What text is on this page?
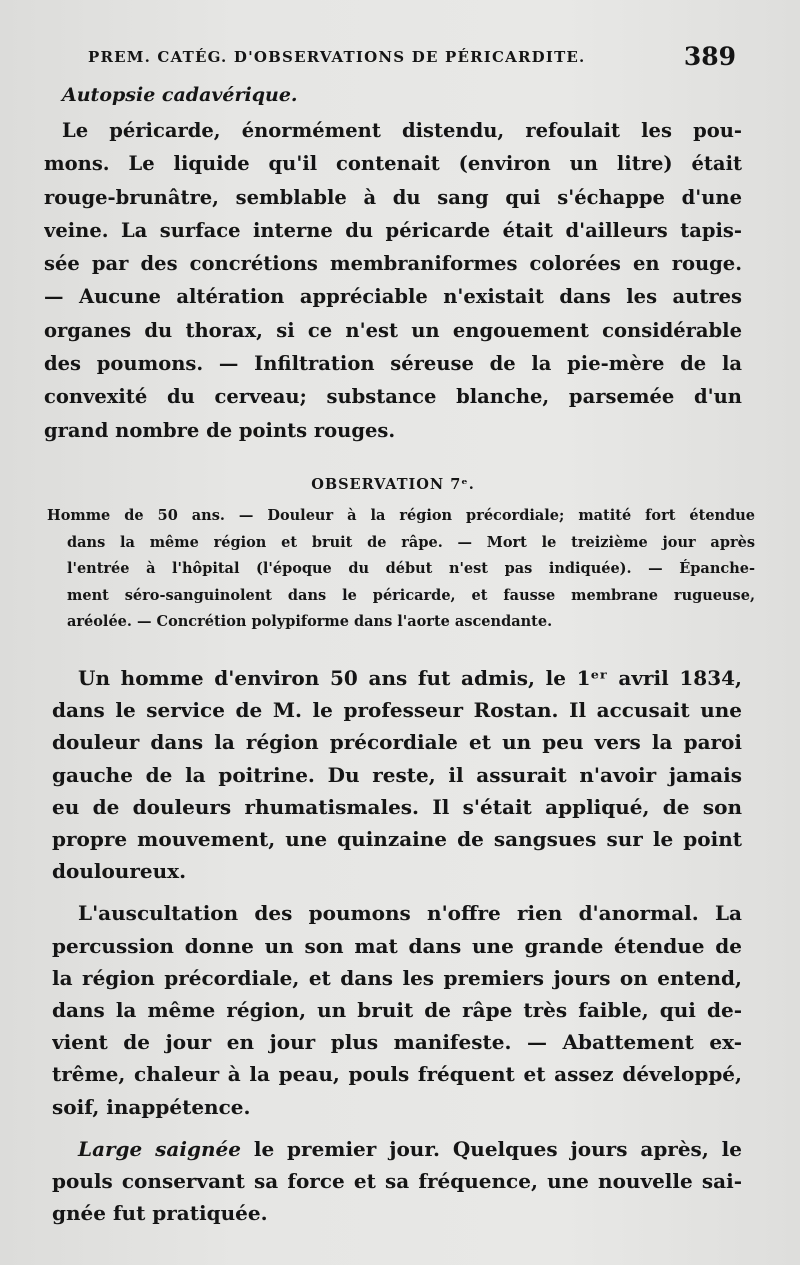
PREM. CATÉG. D'OBSERVATIONS DE PÉRICARDITE.	389
Autopsie cadavérique.

Le péricarde, énormément distendu, refoulait les pou-

mons. Le liquide qu'il contenait (environ un litre) était

rouge-brunâtre, semblable à du sang qui s'échappe d'une

veine. La surface interne du péricarde était d'ailleurs tapis-

sée par des concrétions membraniformes colorées en rouge.

— Aucune altération appréciable n'existait dans les autres

organes du thorax, si ce n'est un engouement considérable

des poumons. — Infiltration séreuse de la pie-mère de la

convexité du cerveau; substance blanche, parsemée d'un

grand nombre de points rouges.

OBSERVATION 7ᵉ.

Homme de 50 ans. — Douleur à la région précordiale; matité fort étendue

dans la même région et bruit de râpe. — Mort le treizième jour après

l'entrée à l'hôpital (l'époque du début n'est pas indiquée). — Épanche-

ment séro-sanguinolent dans le péricarde, et fausse membrane rugueuse,

aréolée. — Concrétion polypiforme dans l'aorte ascendante.

Un homme d'environ 50 ans fut admis, le 1ᵉʳ avril 1834,

dans le service de M. le professeur Rostan. Il accusait une

douleur dans la région précordiale et un peu vers la paroi

gauche de la poitrine. Du reste, il assurait n'avoir jamais

eu de douleurs rhumatismales. Il s'était appliqué, de son

propre mouvement, une quinzaine de sangsues sur le point

douloureux.

L'auscultation des poumons n'offre rien d'anormal. La

percussion donne un son mat dans une grande étendue de

la région précordiale, et dans les premiers jours on entend,

dans la même région, un bruit de râpe très faible, qui de-

vient de jour en jour plus manifeste. — Abattement ex-

trême, chaleur à la peau, pouls fréquent et assez développé,

soif, inappétence.

Large saignée le premier jour. Quelques jours après, le

pouls conservant sa force et sa fréquence, une nouvelle sai-

gnée fut pratiquée.
